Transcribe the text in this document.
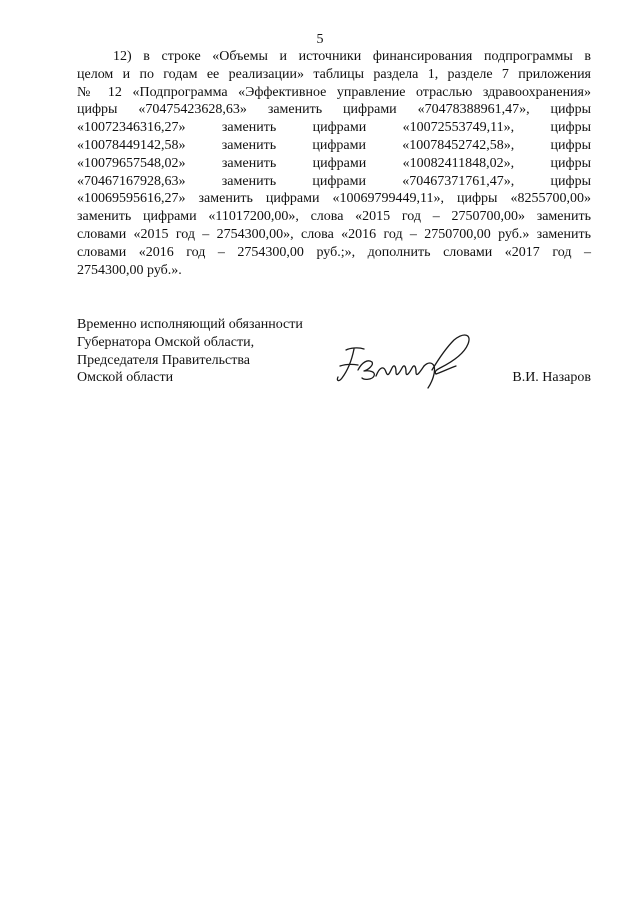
5
12) в строке «Объемы и источники финансирования подпрограммы в
целом и по годам ее реализации» таблицы раздела 1, разделе 7 приложения
№ 12 «Подпрограмма «Эффективное управление отраслью здравоохранения»
цифры «70475423628,63» заменить цифрами «70478388961,47», цифры
«10072346316,27» заменить цифрами «10072553749,11», цифры
«10078449142,58» заменить цифрами «10078452742,58», цифры
«10079657548,02» заменить цифрами «10082411848,02», цифры
«70467167928,63» заменить цифрами «70467371761,47», цифры
«10069595616,27» заменить цифрами «10069799449,11», цифры «8255700,00»
заменить цифрами «11017200,00», слова «2015 год – 2750700,00» заменить
словами «2015 год – 2754300,00», слова «2016 год – 2750700,00 руб.» заменить
словами «2016 год – 2754300,00 руб.;», дополнить словами «2017 год –
2754300,00 руб.».
Временно исполняющий обязанности
Губернатора Омской области,
Председателя Правительства
Омской области	В.И. Назаров
